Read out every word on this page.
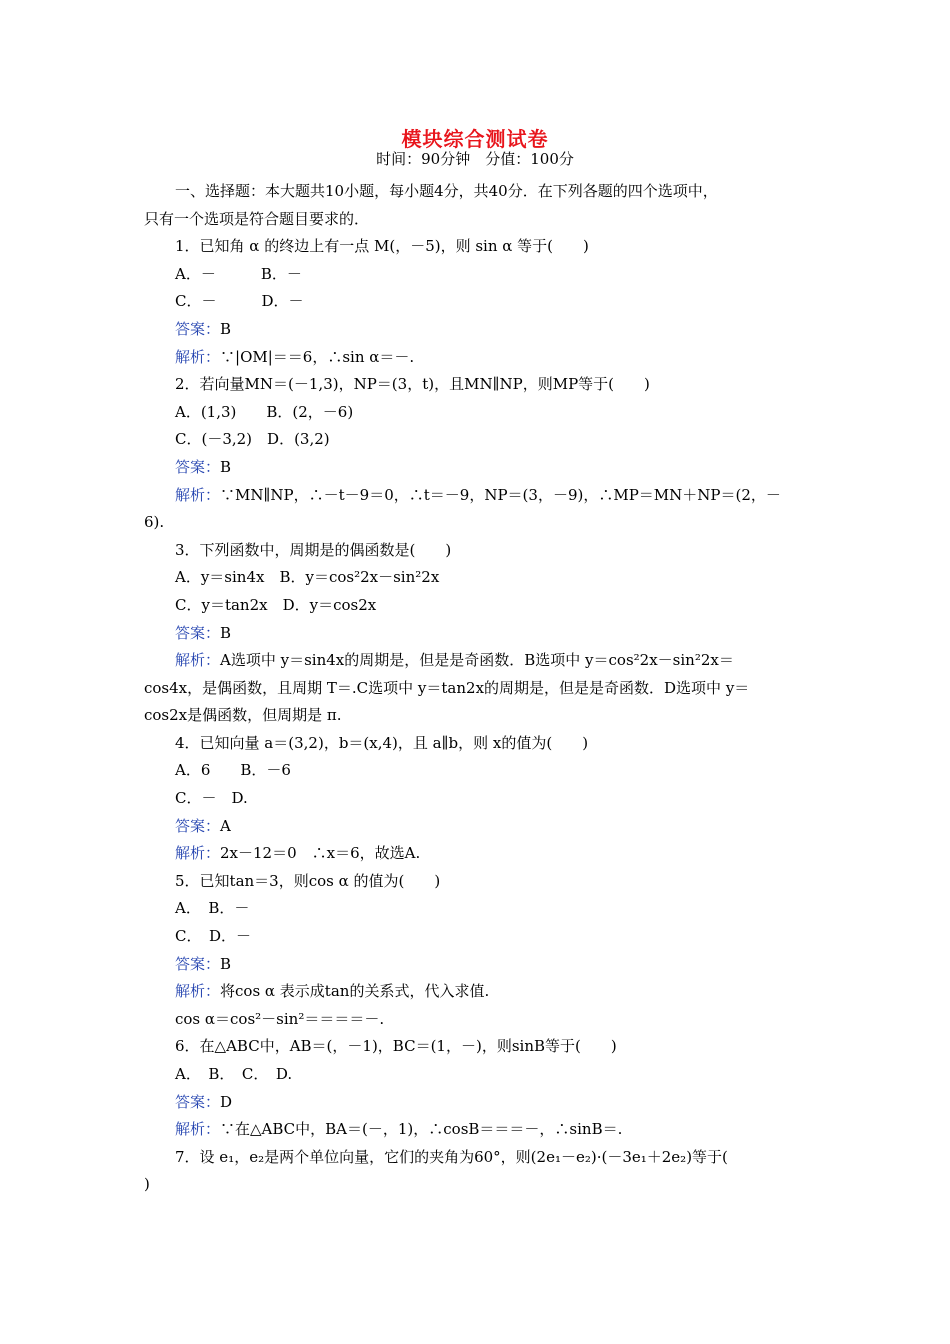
模块综合测试卷
时间：90分钟　分值：100分
一、选择题：本大题共10小题，每小题4分，共40分．在下列各题的四个选项中，
只有一个选项是符合题目要求的．
1．已知角 α 的终边上有一点 M(，－5)，则 sin α 等于(　　)
A．－　　　B．－
C．－　　　D．－
答案：B
解析：∵|OM|＝＝6，∴sin α＝－.
2．若向量MN＝(－1,3)，NP＝(3，t)，且MN∥NP，则MP等于(　　)
A．(1,3)　　B．(2，－6)
C．(－3,2)　D．(3,2)
答案：B
解析：∵MN∥NP，∴－t－9＝0，∴t＝－9，NP＝(3，－9)，∴MP＝MN＋NP＝(2，－
6).
3．下列函数中，周期是的偶函数是(　　)
A．y＝sin4x　B．y＝cos²2x－sin²2x
C．y＝tan2x　D．y＝cos2x
答案：B
解析：A选项中 y＝sin4x的周期是，但是是奇函数．B选项中 y＝cos²2x－sin²2x＝
cos4x，是偶函数，且周期 T＝.C选项中 y＝tan2x的周期是，但是是奇函数．D选项中 y＝
cos2x是偶函数，但周期是 π.
4．已知向量 a＝(3,2)，b＝(x,4)，且 a∥b，则 x的值为(　　)
A．6　　B．－6
C．－　D.
答案：A
解析：2x－12＝0　∴x＝6，故选A.
5．已知tan＝3，则cos α 的值为(　　)
A．　B．－
C．　D．－
答案：B
解析：将cos α 表示成tan的关系式，代入求值.
cos α＝cos²－sin²＝＝＝＝－.
6．在△ABC中，AB＝(，－1)，BC＝(1，－)，则sinB等于(　　)
A．　B．　C．　D.
答案：D
解析：∵在△ABC中，BA＝(－，1)，∴cosB＝＝＝－，∴sinB＝.
7．设 e₁，e₂是两个单位向量，它们的夹角为60°，则(2e₁－e₂)·(－3e₁＋2e₂)等于(
)
